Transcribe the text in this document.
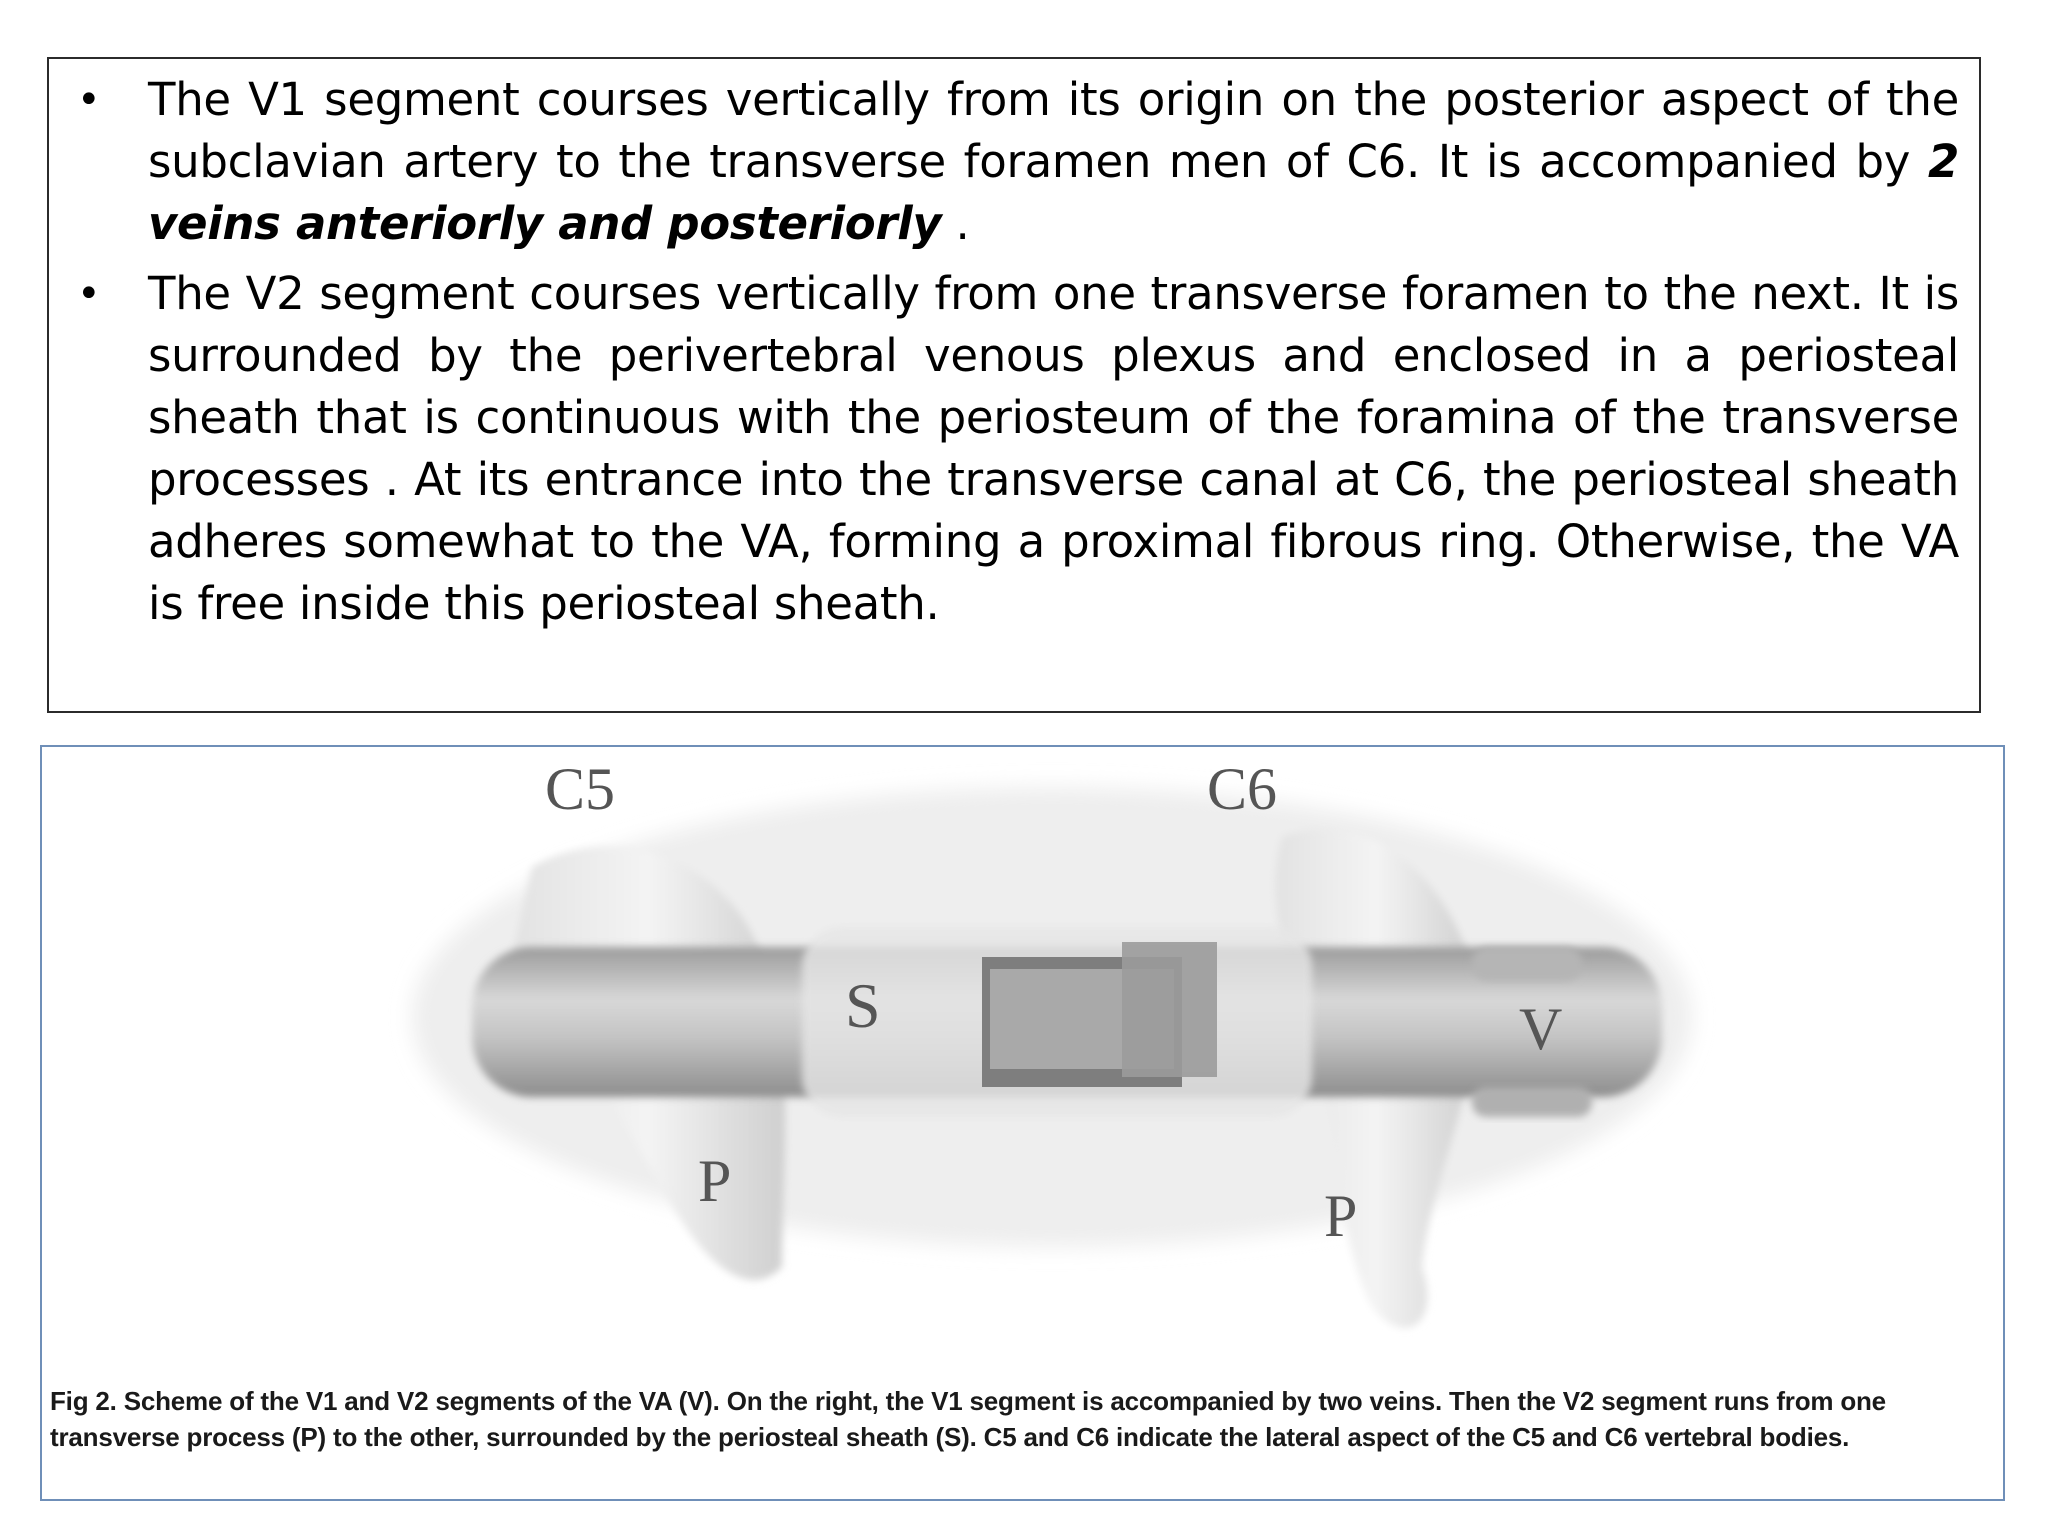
• The V1 segment courses vertically from its origin on the posterior aspect of the subclavian artery to the transverse foramen men of C6. It is accompanied by 2 veins anteriorly and posteriorly .
• The V2 segment courses vertically from one transverse foramen to the next. It is surrounded by the perivertebral venous plexus and enclosed in a periosteal sheath that is continuous with the periosteum of the foramina of the transverse processes . At its entrance into the transverse canal at C6, the periosteal sheath adheres somewhat to the VA, forming a proximal fibrous ring. Otherwise, the VA is free inside this periosteal sheath.
C5	C6
S	V
P
P
Fig 2. Scheme of the V1 and V2 segments of the VA (V). On the right, the V1 segment is accompanied by two veins. Then the V2 segment runs from one transverse process (P) to the other, surrounded by the periosteal sheath (S). C5 and C6 indicate the lateral aspect of the C5 and C6 vertebral bodies.
